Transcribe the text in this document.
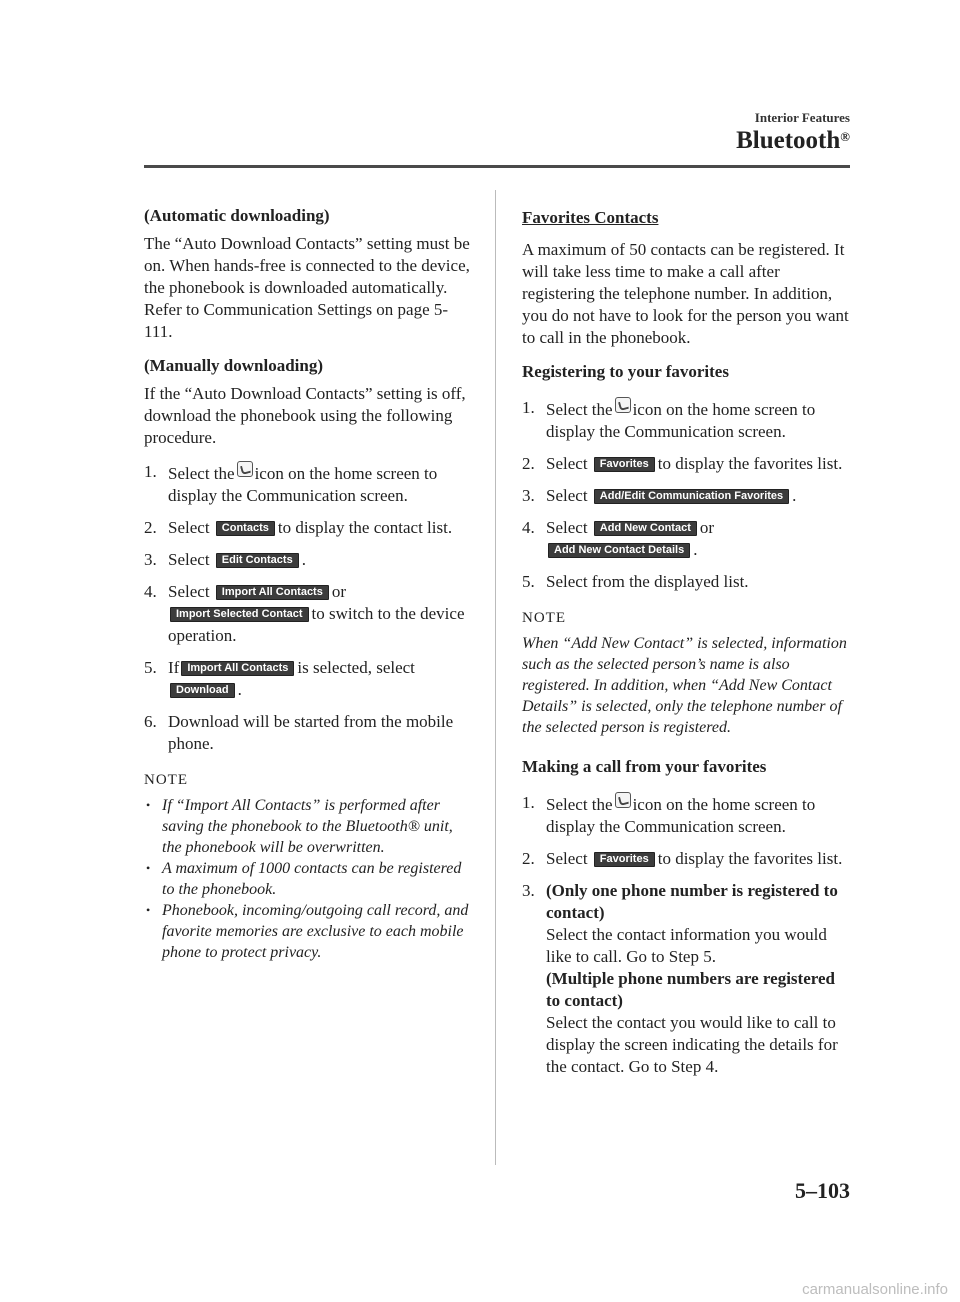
Interior Features
Bluetooth®

(Automatic downloading)

The “Auto Download Contacts” setting must be on. When hands-free is connected to the device, the phonebook is downloaded automatically.

Refer to Communication Settings on page 5-111.

(Manually downloading)

If the “Auto Download Contacts” setting is off, download the phonebook using the following procedure.

1. Select the icon on the home screen to display the Communication screen.
2. Select Contacts to display the contact list.
3. Select Edit Contacts .
4. Select Import All Contacts or
Import Selected Contact to switch to the device operation.
5. If Import All Contacts is selected, select
Download .
6. Download will be started from the mobile phone.

NOTE

• If “Import All Contacts” is performed after saving the phonebook to the Bluetooth® unit, the phonebook will be overwritten.
• A maximum of 1000 contacts can be registered to the phonebook.
• Phonebook, incoming/outgoing call record, and favorite memories are exclusive to each mobile phone to protect privacy.

Favorites Contacts

A maximum of 50 contacts can be registered. It will take less time to make a call after registering the telephone number. In addition, you do not have to look for the person you want to call in the phonebook.

Registering to your favorites

1. Select the icon on the home screen to display the Communication screen.
2. Select Favorites to display the favorites list.
3. Select Add/Edit Communication Favorites .
4. Select Add New Contact or
Add New Contact Details .
5. Select from the displayed list.

NOTE

When “Add New Contact” is selected, information such as the selected person’s name is also registered. In addition, when “Add New Contact Details” is selected, only the telephone number of the selected person is registered.

Making a call from your favorites

1. Select the icon on the home screen to display the Communication screen.
2. Select Favorites to display the favorites list.
3. (Only one phone number is registered to contact)
Select the contact information you would like to call. Go to Step 5.
(Multiple phone numbers are registered to contact)
Select the contact you would like to call to display the screen indicating the details for the contact. Go to Step 4.
5–103
carmanualsonline.info
